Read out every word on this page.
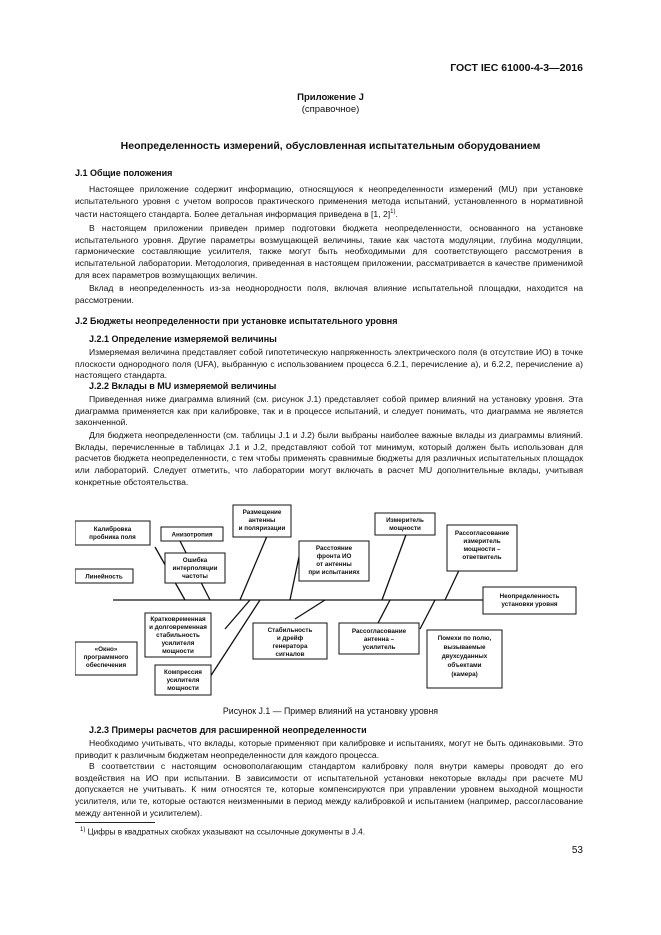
ГОСТ IEC 61000-4-3—2016
Приложение J
(справочное)
Неопределенность измерений, обусловленная испытательным оборудованием
J.1 Общие положения
Настоящее приложение содержит информацию, относящуюся к неопределенности измерений (MU) при установке испытательного уровня с учетом вопросов практического применения метода испытаний, установленного в нормативной части настоящего стандарта. Более детальная информация приведена в [1, 2]$^{1)}$.
В настоящем приложении приведен пример подготовки бюджета неопределенности, основанного на установке испытательного уровня. Другие параметры возмущающей величины, такие как частота модуляции, глубина модуляции, гармонические составляющие усилителя, также могут быть необходимыми для соответствующего рассмотрения в испытательной лаборатории. Методология, приведенная в настоящем приложении, рассматривается в качестве применимой для всех параметров возмущающих величин.
Вклад в неопределенность из-за неоднородности поля, включая влияние испытательной площадки, находится на рассмотрении.
J.2 Бюджеты неопределенности при установке испытательного уровня
J.2.1 Определение измеряемой величины
Измеряемая величина представляет собой гипотетическую напряженность электрического поля (в отсутствие ИО) в точке плоскости однородного поля (UFA), выбранную с использованием процесса 6.2.1, перечисление а), и 6.2.2, перечисление а) настоящего стандарта.
J.2.2 Вклады в MU измеряемой величины
Приведенная ниже диаграмма влияний (см. рисунок J.1) представляет собой пример влияний на установку уровня. Эта диаграмма применяется как при калибровке, так и в процессе испытаний, и следует понимать, что диаграмма не является законченной.
Для бюджета неопределенности (см. таблицы J.1 и J.2) были выбраны наиболее важные вклады из диаграммы влияний. Вклады, перечисленные в таблицах J.1 и J.2, представляют собой тот минимум, который должен быть использован для расчетов бюджета неопределенности, с тем чтобы применять сравнимые бюджеты для различных испытательных площадок или лабораторий. Следует отметить, что лаборатории могут включать в расчет MU дополнительные вклады, учитывая конкретные обстоятельства.
Калибровка пробника поля	Анизотропия
Размещение антенны и поляризации
Измеритель мощности
Рассогласование измеритель мощности – ответвитель
Линейность
Ошибка интерполяции частоты
Расстояние фронта ИО от антенны при испытаниях
Неопределенность установки уровня
Кратковременная и долговременная стабильность усилителя мощности
«Окно» программного обеспечения
Компрессия усилителя мощности
Стабильность и дрейф генератора сигналов
Рассогласование антенна – усилитель
Помехи по полю, вызываемые двухсуданных объектами (камера)
Рисунок J.1 — Пример влияний на установку уровня
J.2.3 Примеры расчетов для расширенной неопределенности
Необходимо учитывать, что вклады, которые применяют при калибровке и испытаниях, могут не быть одинаковыми. Это приводит к различным бюджетам неопределенности для каждого процесса.
В соответствии с настоящим основополагающим стандартом калибровку поля внутри камеры проводят до его воздействия на ИО при испытании. В зависимости от испытательной установки некоторые вклады при расчете MU допускается не учитывать. К ним относятся те, которые компенсируются при управлении уровнем выходной мощности усилителя, или те, которые остаются неизменными в период между калибровкой и испытанием (например, рассогласование между антенной и усилителем).
$^{1)}$ Цифры в квадратных скобках указывают на ссылочные документы в J.4.
53
